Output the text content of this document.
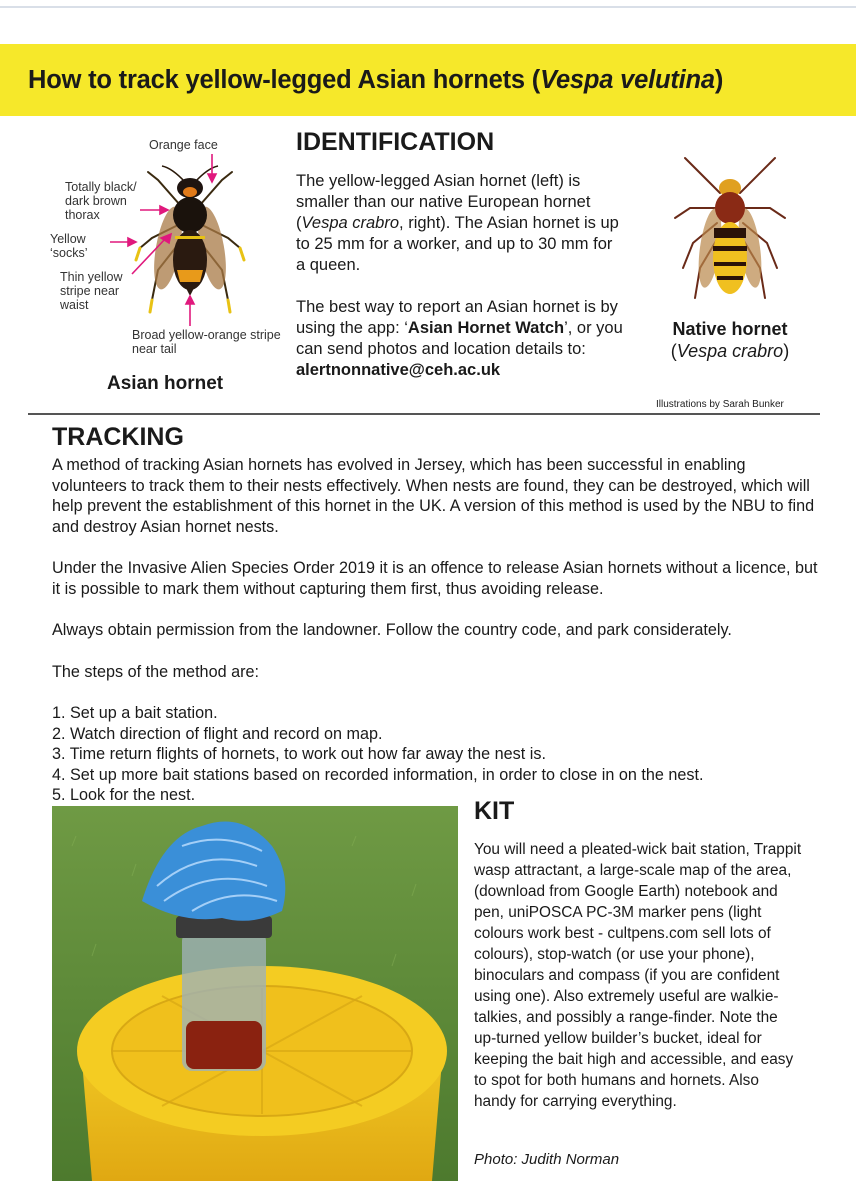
How to track yellow-legged Asian hornets (Vespa velutina)
Orange face
Totally black/ dark brown thorax
Yellow ‘socks’
Thin yellow stripe near waist
Broad yellow-orange stripe near tail
Asian hornet
IDENTIFICATION

The yellow-legged Asian hornet (left) is smaller than our native European hornet (Vespa crabro, right). The Asian hornet is up to 25 mm for a worker, and up to 30 mm for a queen.

The best way to report an Asian hornet is by using the app: ‘Asian Hornet Watch’, or you can send photos and location details to: alertnonnative@ceh.ac.uk

Native hornet
(Vespa crabro)
Illustrations by Sarah Bunker
TRACKING

A method of tracking Asian hornets has evolved in Jersey, which has been successful in enabling volunteers to track them to their nests effectively. When nests are found, they can be destroyed, which will help prevent the establishment of this hornet in the UK. A version of this method is used by the NBU to find and destroy Asian hornet nests.

Under the Invasive Alien Species Order 2019 it is an offence to release Asian hornets without a licence, but it is possible to mark them without capturing them first, thus avoiding release.

Always obtain permission from the landowner. Follow the country code, and park considerately.

The steps of the method are:

1. Set up a bait station.
2. Watch direction of flight and record on map.
3. Time return flights of hornets, to work out how far away the nest is.
4. Set up more bait stations based on recorded information, in order to close in on the nest.
5. Look for the nest.
KIT

You will need a pleated-wick bait station, Trappit wasp attractant, a large-scale map of the area, (download from Google Earth) notebook and pen, uniPOSCA PC-3M marker pens (light colours work best - cultpens.com sell lots of colours), stop-watch (or use your phone), binoculars and compass (if you are confident using one). Also extremely useful are walkie-talkies, and possibly a range-finder. Note the up-turned yellow builder’s bucket, ideal for keeping the bait high and accessible, and easy to spot for both humans and hornets. Also handy for carrying everything.

Photo: Judith Norman
